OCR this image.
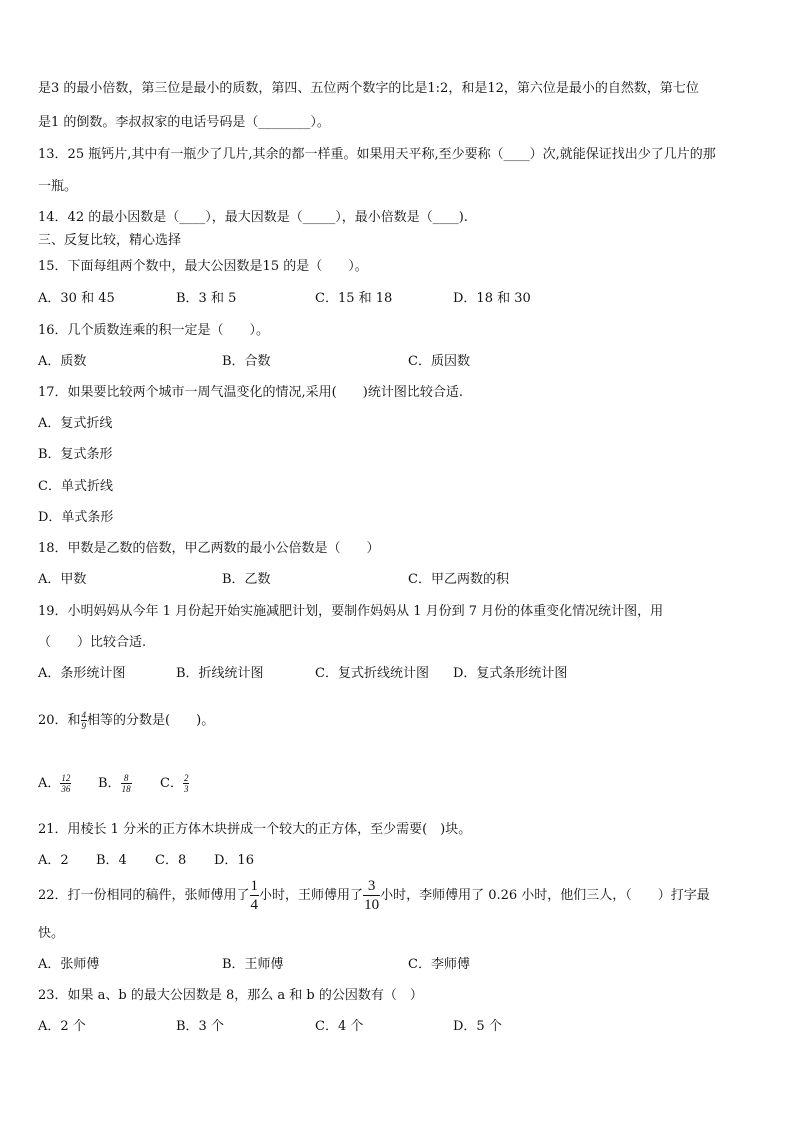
是3 的最小倍数，第三位是最小的质数，第四、五位两个数字的比是1:2，和是12，第六位是最小的自然数，第七位
是1 的倒数。李叔叔家的电话号码是（________）。
13．25 瓶钙片,其中有一瓶少了几片,其余的都一样重。如果用天平称,至少要称（____）次,就能保证找出少了几片的那
一瓶。
14．42 的最小因数是（____），最大因数是（_____），最小倍数是（____).
三、反复比较，精心选择
15．下面每组两个数中，最大公因数是15 的是（　　）。
A．30 和 45	B．3 和 5	C．15 和 18	D．18 和 30
16．几个质数连乘的积一定是（　　）。
A．质数	B．合数	C．质因数
17．如果要比较两个城市一周气温变化的情况,采用(　　)统计图比较合适.
A．复式折线
B．复式条形
C．单式折线
D．单式条形
18．甲数是乙数的倍数，甲乙两数的最小公倍数是（　　）
A．甲数	B．乙数	C．甲乙两数的积
19．小明妈妈从今年 1 月份起开始实施减肥计划，要制作妈妈从 1 月份到 7 月份的体重变化情况统计图，用
（　　）比较合适.
A．条形统计图	B．折线统计图	C．复式折线统计图 D．复式条形统计图
20．和 $\frac{4}{9}$ 相等的分数是(　　)。
A． $\frac{12}{36}$ B． $\frac{8}{18}$ C． $\frac{2}{3}$
21．用棱长 1 分米的正方体木块拼成一个较大的正方体，至少需要(　)块。
A．2 B．4 C．8 D．16
22．打一份相同的稿件，张师傅用了 $\frac{1}{4}$ 小时，王师傅用了 $\frac{3}{10}$ 小时，李师傅用了 0.26 小时，他们三人，（　　）打字最
快。
A．张师傅	B．王师傅	C．李师傅
23．如果 a、b 的最大公因数是 8，那么 a 和 b 的公因数有（　）
A．2 个	B．3 个	C．4 个	D．5 个
